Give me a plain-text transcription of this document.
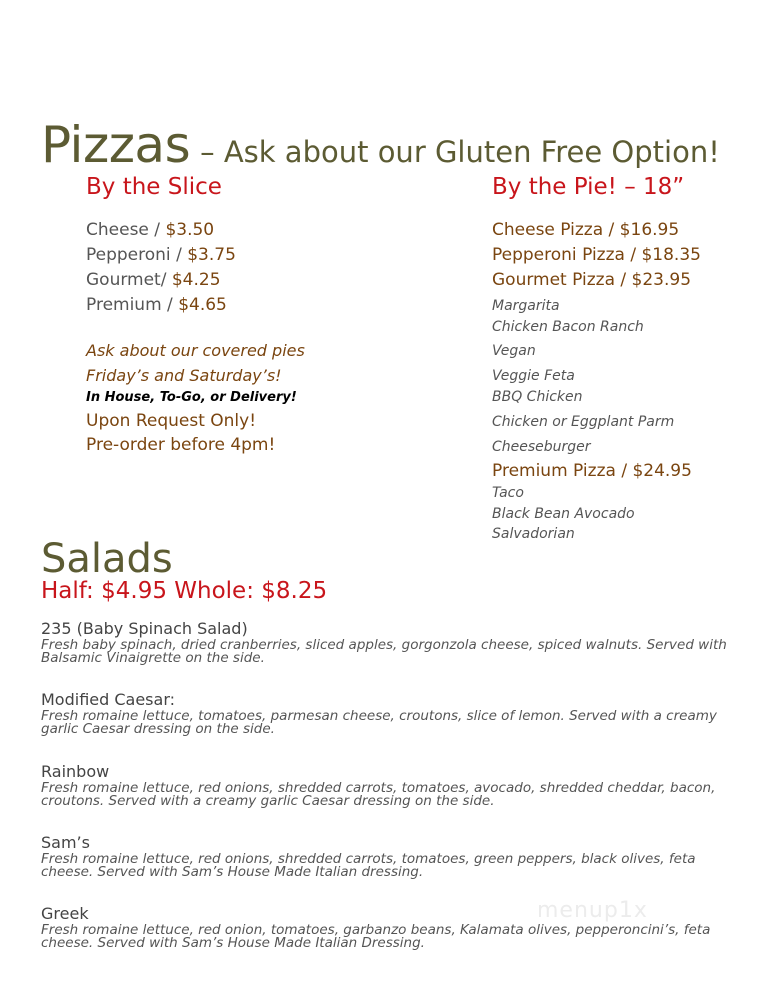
Pizzas – Ask about our Gluten Free Option!
By the Slice
Cheese / $3.50
Pepperoni / $3.75
Gourmet/ $4.25
Premium / $4.65
Ask about our covered pies
Friday’s and Saturday’s!
In House, To-Go, or Delivery!
Upon Request Only!
Pre-order before 4pm!
By the Pie! – 18”
Cheese Pizza / $16.95
Pepperoni Pizza / $18.35
Gourmet Pizza / $23.95
Margarita
Chicken Bacon Ranch
Vegan
Veggie Feta
BBQ Chicken
Chicken or Eggplant Parm
Cheeseburger
Premium Pizza / $24.95
Taco
Black Bean Avocado
Salvadorian
Salads
Half: $4.95 Whole: $8.25
235 (Baby Spinach Salad)
Fresh baby spinach, dried cranberries, sliced apples, gorgonzola cheese, spiced walnuts. Served with Balsamic Vinaigrette on the side.
Modified Caesar:
Fresh romaine lettuce, tomatoes, parmesan cheese, croutons, slice of lemon. Served with a creamy garlic Caesar dressing on the side.
Rainbow
Fresh romaine lettuce, red onions, shredded carrots, tomatoes, avocado, shredded cheddar, bacon, croutons. Served with a creamy garlic Caesar dressing on the side.
Sam’s
Fresh romaine lettuce, red onions, shredded carrots, tomatoes, green peppers, black olives, feta cheese. Served with Sam’s House Made Italian dressing.
Greek
Fresh romaine lettuce, red onion, tomatoes, garbanzo beans, Kalamata olives, pepperoncini’s, feta cheese. Served with Sam’s House Made Italian Dressing.
menup1x
